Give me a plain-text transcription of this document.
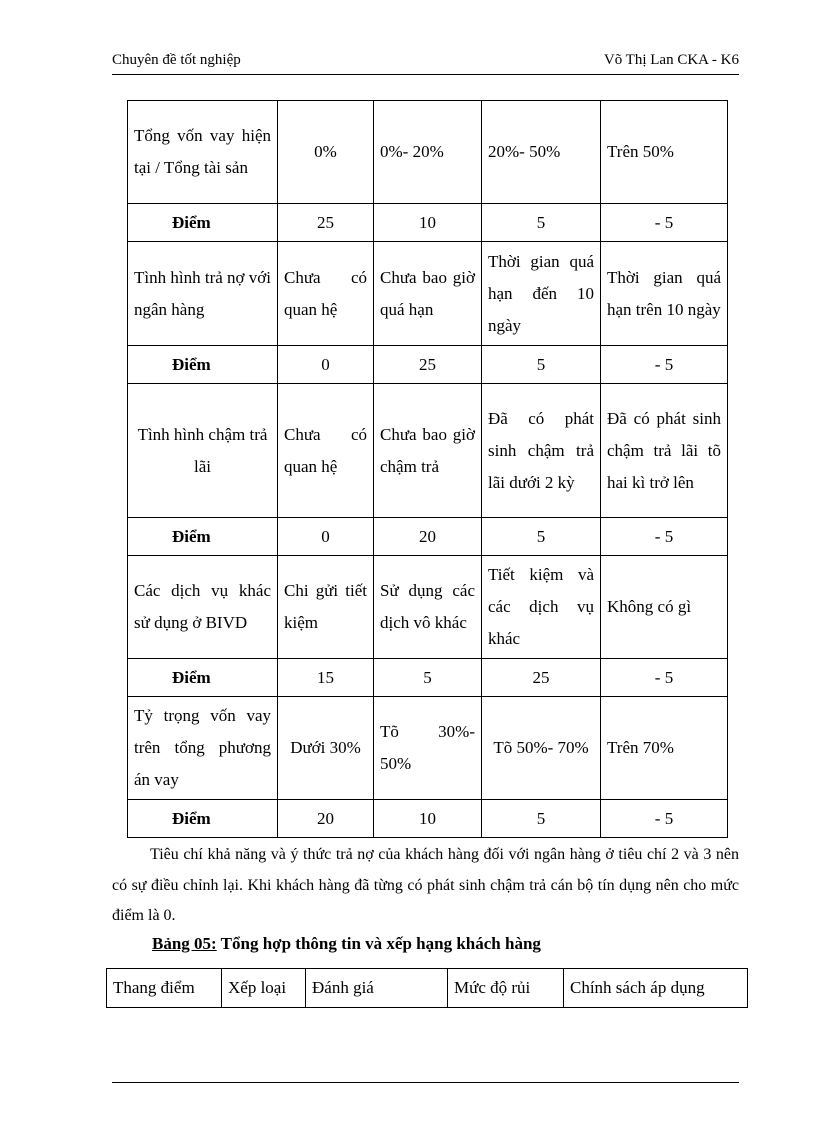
Chuyên đề tốt nghiệp	Võ Thị Lan CKA - K6
Tổng vốn vay hiện tại / Tổng tài sản	0%	0%- 20%	20%- 50%	Trên 50%
Điểm	25	10	5	- 5
Tình hình trả nợ với ngân hàng	Chưa có quan hệ	Chưa bao giờ quá hạn	Thời gian quá hạn đến 10 ngày	Thời gian quá hạn trên 10 ngày
Điểm	0	25	5	- 5
Tình hình chậm trả lãi	Chưa có quan hệ	Chưa bao giờ chậm trả	Đã có phát sinh chậm trả lãi dưới 2 kỳ	Đã có phát sinh chậm trả lãi tõ hai kì trở lên
Điểm	0	20	5	- 5
Các dịch vụ khác sử dụng ở BIVD	Chi gửi tiết kiệm	Sử dụng các dịch vô khác	Tiết kiệm và các dịch vụ khác	Không có gì
Điểm	15	5	25	- 5
Tỷ trọng vốn vay trên tổng phương án vay	Dưới 30%	Tõ 30%- 50%	Tõ 50%- 70%	Trên 70%
Điểm	20	10	5	- 5
Tiêu chí khả năng và ý thức trả nợ của khách hàng đối với ngân hàng ở tiêu chí 2 và 3 nên có sự điều chỉnh lại. Khi khách hàng đã từng có phát sinh chậm trả cán bộ tín dụng nên cho mức điểm là 0.
Bảng 05: Tổng hợp thông tin và xếp hạng khách hàng
Thang điểm	Xếp loại	Đánh giá	Mức độ rủi	Chính sách áp dụng
